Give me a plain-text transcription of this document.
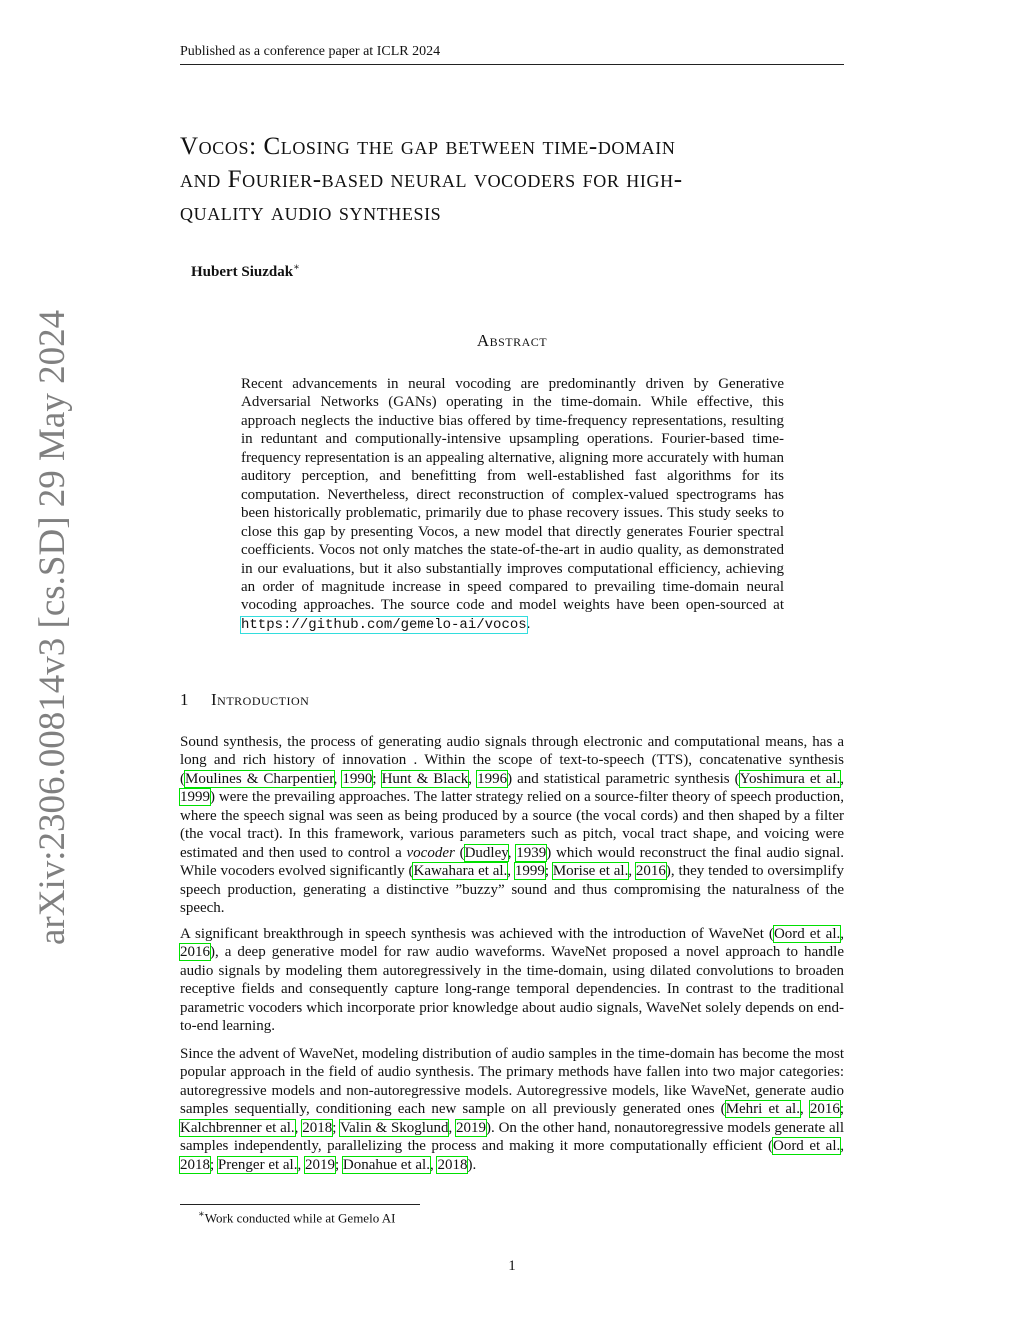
Published as a conference paper at ICLR 2024
arXiv:2306.00814v3 [cs.SD] 29 May 2024
Vocos: Closing the gap between time-domain
and Fourier-based neural vocoders for high-
quality audio synthesis
Hubert Siuzdak∗
Abstract
Recent advancements in neural vocoding are predominantly driven by Generative Adversarial Networks (GANs) operating in the time-domain. While effective, this approach neglects the inductive bias offered by time-frequency representations, resulting in reduntant and computionally-intensive upsampling operations. Fourier-based time-frequency representation is an appealing alternative, aligning more accurately with human auditory perception, and benefitting from well-established fast algorithms for its computation. Nevertheless, direct reconstruction of complex-valued spectrograms has been historically problematic, primarily due to phase recovery issues. This study seeks to close this gap by presenting Vocos, a new model that directly generates Fourier spectral coefficients. Vocos not only matches the state-of-the-art in audio quality, as demonstrated in our evaluations, but it also substantially improves computational efficiency, achieving an order of magnitude increase in speed compared to prevailing time-domain neural vocoding approaches. The source code and model weights have been open-sourced at https://github.com/gemelo-ai/vocos.
1 Introduction

Sound synthesis, the process of generating audio signals through electronic and computational means, has a long and rich history of innovation . Within the scope of text-to-speech (TTS), concatenative synthesis (Moulines & Charpentier, 1990; Hunt & Black, 1996) and statistical parametric synthesis (Yoshimura et al., 1999) were the prevailing approaches. The latter strategy relied on a source-filter theory of speech production, where the speech signal was seen as being produced by a source (the vocal cords) and then shaped by a filter (the vocal tract). In this framework, various parameters such as pitch, vocal tract shape, and voicing were estimated and then used to control a vocoder (Dudley, 1939) which would reconstruct the final audio signal. While vocoders evolved significantly (Kawahara et al., 1999; Morise et al., 2016), they tended to oversimplify speech production, generating a distinctive ”buzzy” sound and thus compromising the naturalness of the speech.

A significant breakthrough in speech synthesis was achieved with the introduction of WaveNet (Oord et al., 2016), a deep generative model for raw audio waveforms. WaveNet proposed a novel approach to handle audio signals by modeling them autoregressively in the time-domain, using dilated convolutions to broaden receptive fields and consequently capture long-range temporal dependencies. In contrast to the traditional parametric vocoders which incorporate prior knowledge about audio signals, WaveNet solely depends on end-to-end learning.

Since the advent of WaveNet, modeling distribution of audio samples in the time-domain has become the most popular approach in the field of audio synthesis. The primary methods have fallen into two major categories: autoregressive models and non-autoregressive models. Autoregressive models, like WaveNet, generate audio samples sequentially, conditioning each new sample on all previously generated ones (Mehri et al., 2016; Kalchbrenner et al., 2018; Valin & Skoglund, 2019). On the other hand, nonautoregressive models generate all samples independently, parallelizing the process and making it more computationally efficient (Oord et al., 2018; Prenger et al., 2019; Donahue et al., 2018).

∗Work conducted while at Gemelo AI
1
